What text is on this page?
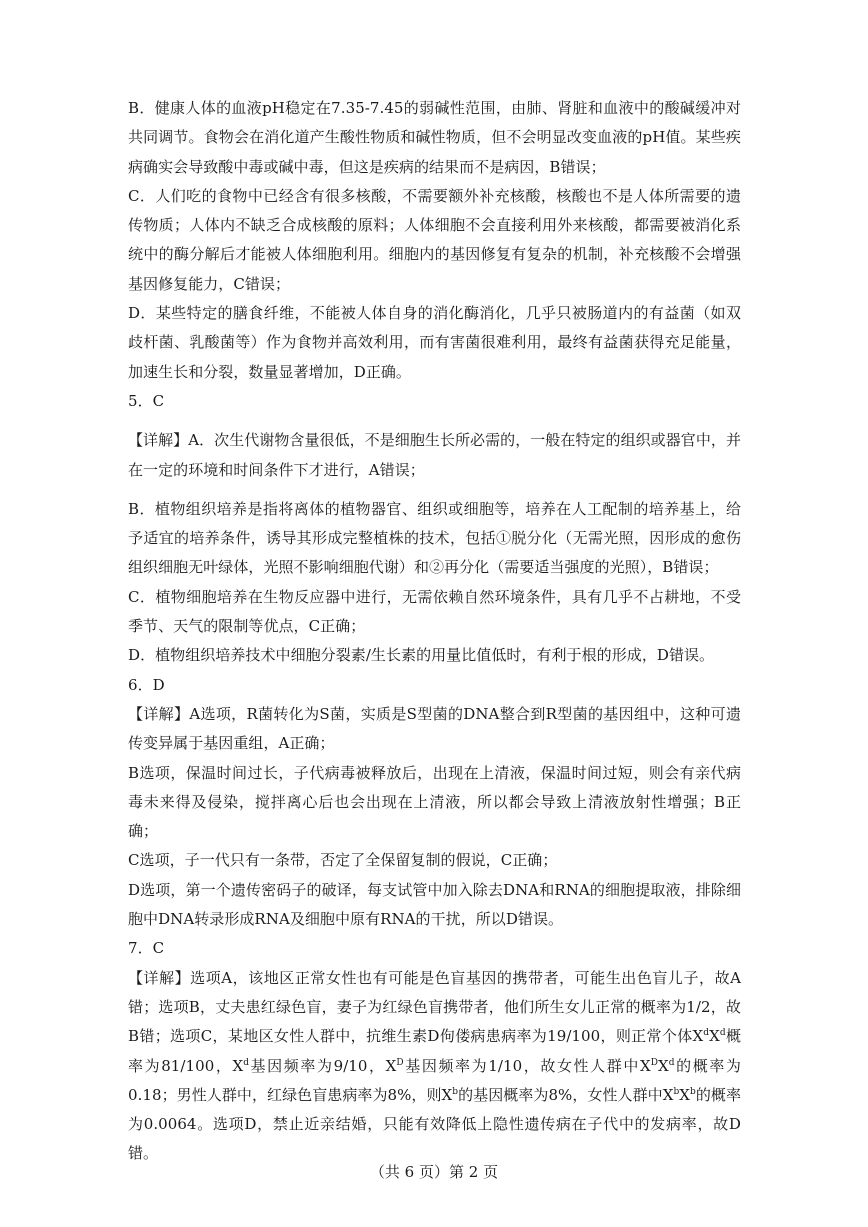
B．健康人体的血液pH稳定在7.35-7.45的弱碱性范围，由肺、肾脏和血液中的酸碱缓冲对共同调节。食物会在消化道产生酸性物质和碱性物质，但不会明显改变血液的pH值。某些疾病确实会导致酸中毒或碱中毒，但这是疾病的结果而不是病因，B错误；

C．人们吃的食物中已经含有很多核酸，不需要额外补充核酸，核酸也不是人体所需要的遗传物质；人体内不缺乏合成核酸的原料；人体细胞不会直接利用外来核酸，都需要被消化系统中的酶分解后才能被人体细胞利用。细胞内的基因修复有复杂的机制，补充核酸不会增强基因修复能力，C错误；

D．某些特定的膳食纤维，不能被人体自身的消化酶消化，几乎只被肠道内的有益菌（如双歧杆菌、乳酸菌等）作为食物并高效利用，而有害菌很难利用，最终有益菌获得充足能量，加速生长和分裂，数量显著增加，D正确。

5．C

【详解】A．次生代谢物含量很低，不是细胞生长所必需的，一般在特定的组织或器官中，并在一定的环境和时间条件下才进行，A错误；

B．植物组织培养是指将离体的植物器官、组织或细胞等，培养在人工配制的培养基上，给予适宜的培养条件，诱导其形成完整植株的技术，包括①脱分化（无需光照，因形成的愈伤组织细胞无叶绿体，光照不影响细胞代谢）和②再分化（需要适当强度的光照），B错误；

C．植物细胞培养在生物反应器中进行，无需依赖自然环境条件，具有几乎不占耕地，不受季节、天气的限制等优点，C正确；

D．植物组织培养技术中细胞分裂素/生长素的用量比值低时，有利于根的形成，D错误。

6．D

【详解】A选项，R菌转化为S菌，实质是S型菌的DNA整合到R型菌的基因组中，这种可遗传变异属于基因重组，A正确；

B选项，保温时间过长，子代病毒被释放后，出现在上清液，保温时间过短，则会有亲代病毒未来得及侵染，搅拌离心后也会出现在上清液，所以都会导致上清液放射性增强；B正确；

C选项，子一代只有一条带，否定了全保留复制的假说，C正确；

D选项，第一个遗传密码子的破译，每支试管中加入除去DNA和RNA的细胞提取液，排除细胞中DNA转录形成RNA及细胞中原有RNA的干扰，所以D错误。

7．C

【详解】选项A，该地区正常女性也有可能是色盲基因的携带者，可能生出色盲儿子，故A错；选项B，丈夫患红绿色盲，妻子为红绿色盲携带者，他们所生女儿正常的概率为1/2，故B错；选项C，某地区女性人群中，抗维生素D佝偻病患病率为19/100，则正常个体$X^dX^d$概率为81/100，$X^d$基因频率为9/10，$X^D$基因频率为1/10，故女性人群中$X^DX^d$的概率为0.18；男性人群中，红绿色盲患病率为8%，则$X^b$的基因概率为8%，女性人群中$X^bX^b$的概率为0.0064。选项D，禁止近亲结婚，只能有效降低上隐性遗传病在子代中的发病率，故D错。

（共 6 页）第 2 页
